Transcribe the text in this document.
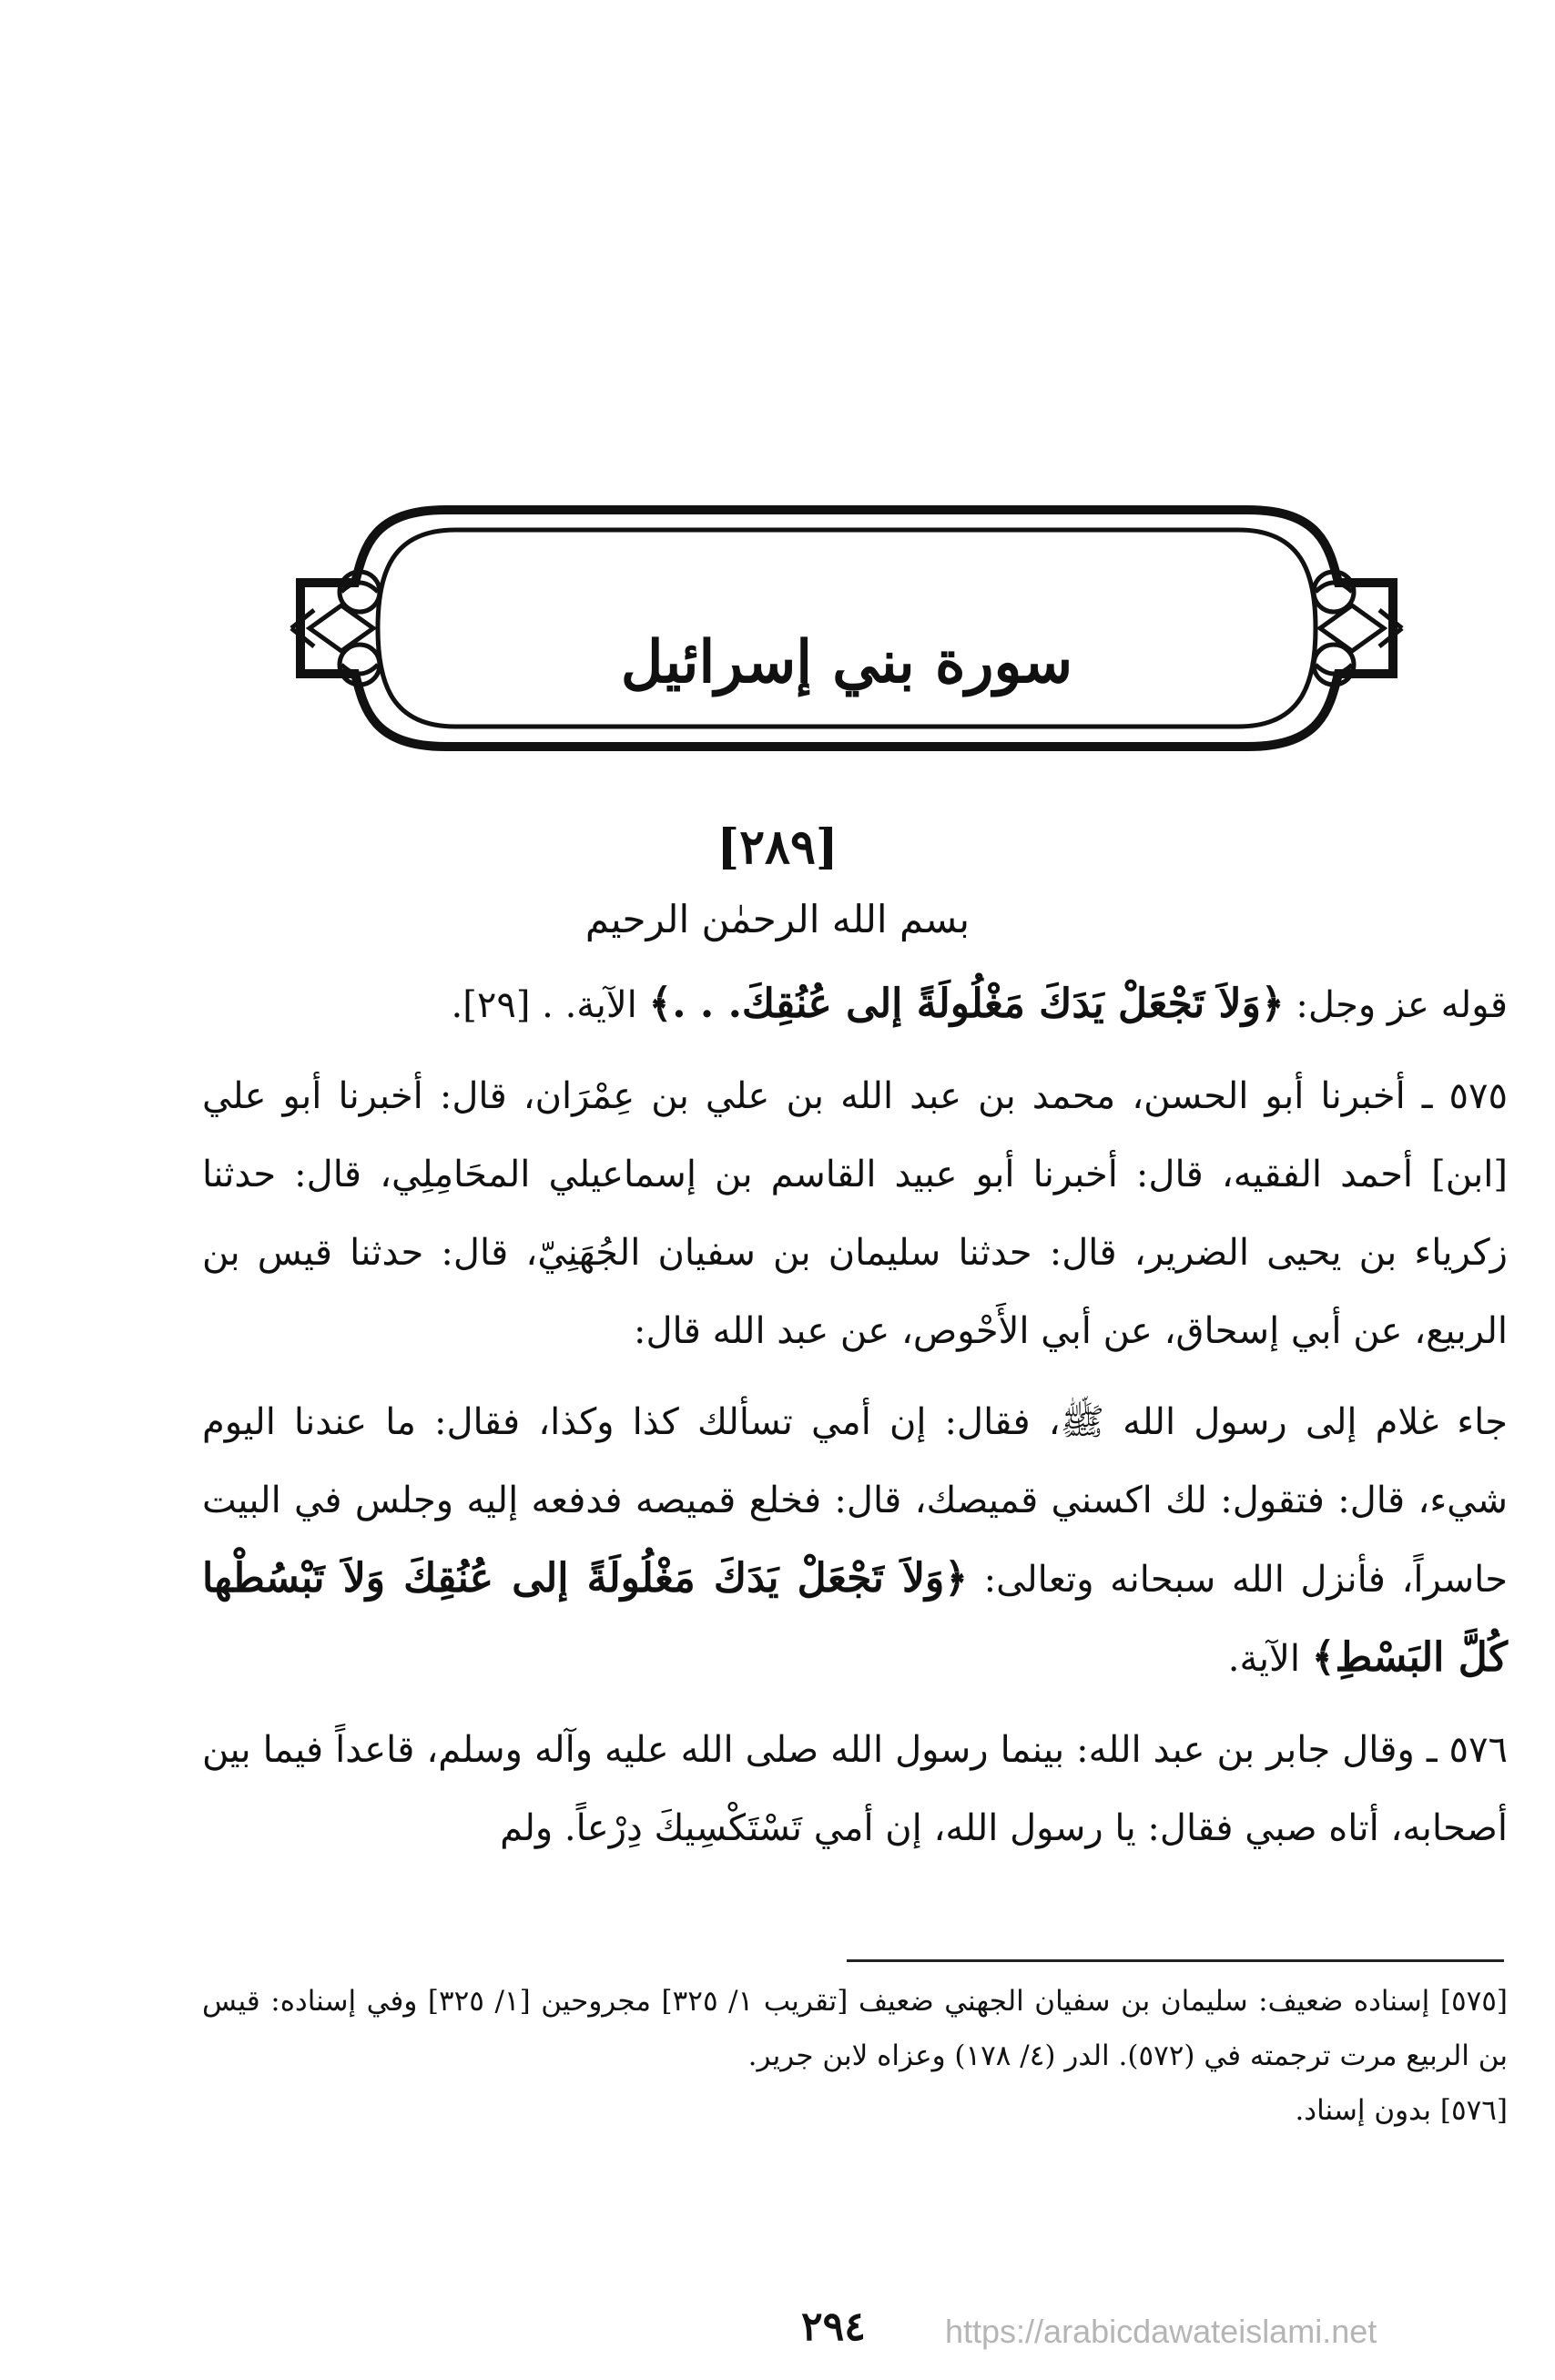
سورة بني إسرائيل
[٢٨٩]
بسم الله الرحمٰن الرحيم

قوله عز وجل: ﴿وَلاَ تَجْعَلْ يَدَكَ مَغْلُولَةً إلى عُنُقِكَ. . .﴾ الآية. . [٢٩].

٥٧٥ ـ أخبرنا أبو الحسن، محمد بن عبد الله بن علي بن عِمْرَان، قال: أخبرنا أبو علي [ابن] أحمد الفقيه، قال: أخبرنا أبو عبيد القاسم بن إسماعيلي المحَامِلِي، قال: حدثنا زكرياء بن يحيى الضرير، قال: حدثنا سليمان بن سفيان الجُهَنِيّ، قال: حدثنا قيس بن الربيع، عن أبي إسحاق، عن أبي الأَحْوص، عن عبد الله قال:

جاء غلام إلى رسول الله ﷺ، فقال: إن أمي تسألك كذا وكذا، فقال: ما عندنا اليوم شيء، قال: فتقول: لك اكسني قميصك، قال: فخلع قميصه فدفعه إليه وجلس في البيت حاسراً، فأنزل الله سبحانه وتعالى: ﴿وَلاَ تَجْعَلْ يَدَكَ مَغْلُولَةً إلى عُنُقِكَ وَلاَ تَبْسُطْها كُلَّ البَسْطِ﴾ الآية.

٥٧٦ ـ وقال جابر بن عبد الله: بينما رسول الله صلى الله عليه وآله وسلم، قاعداً فيما بين أصحابه، أتاه صبي فقال: يا رسول الله، إن أمي تَسْتَكْسِيكَ دِرْعاً. ولم

[٥٧٥] إسناده ضعيف: سليمان بن سفيان الجهني ضعيف [تقريب ١/ ٣٢٥] مجروحين [١/ ٣٢٥] وفي إسناده: قيس بن الربيع مرت ترجمته في (٥٧٢). الدر (٤/ ١٧٨) وعزاه لابن جرير.

[٥٧٦] بدون إسناد.

٢٩٤ https://arabicdawateislami.net
